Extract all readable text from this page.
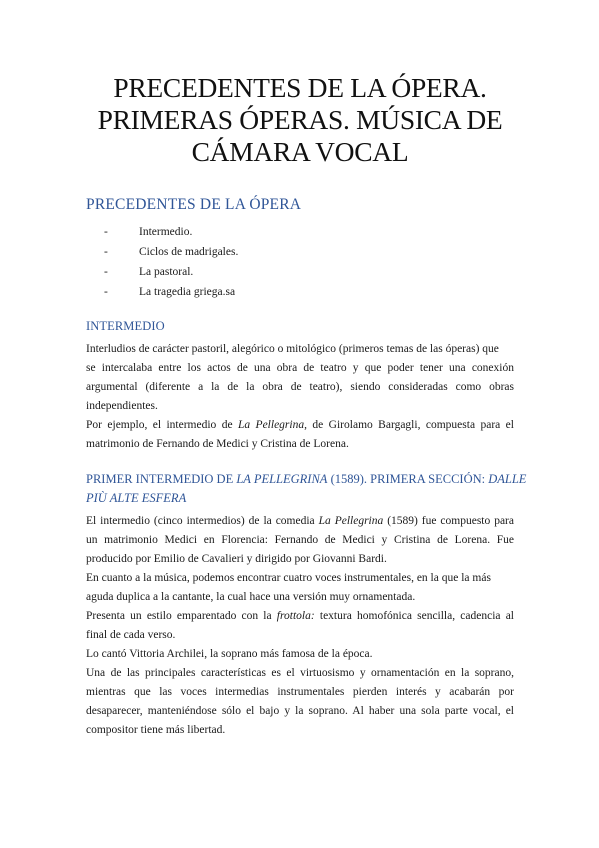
PRECEDENTES DE LA ÓPERA.
PRIMERAS ÓPERAS. MÚSICA DE
CÁMARA VOCAL
PRECEDENTES DE LA ÓPERA
-	Intermedio.
-	Ciclos de madrigales.
-	La pastoral.
-	La tragedia griega.sa
INTERMEDIO
Interludios de carácter pastoril, alegórico o mitológico (primeros temas de las óperas) que
se intercalaba entre los actos de una obra de teatro y que poder tener una conexión
argumental (diferente a la de la obra de teatro), siendo consideradas como obras
independientes.
Por ejemplo, el intermedio de La Pellegrina, de Girolamo Bargagli, compuesta para el
matrimonio de Fernando de Medici y Cristina de Lorena.
PRIMER INTERMEDIO DE LA PELLEGRINA (1589). PRIMERA SECCIÓN: DALLE
PIÙ ALTE ESFERA
El intermedio (cinco intermedios) de la comedia La Pellegrina (1589) fue compuesto para
un matrimonio Medici en Florencia: Fernando de Medici y Cristina de Lorena. Fue
producido por Emilio de Cavalieri y dirigido por Giovanni Bardi.
En cuanto a la música, podemos encontrar cuatro voces instrumentales, en la que la más
aguda duplica a la cantante, la cual hace una versión muy ornamentada.
Presenta un estilo emparentado con la frottola: textura homofónica sencilla, cadencia al
final de cada verso.
Lo cantó Vittoria Archilei, la soprano más famosa de la época.
Una de las principales características es el virtuosismo y ornamentación en la soprano,
mientras que las voces intermedias instrumentales pierden interés y acabarán por
desaparecer, manteniéndose sólo el bajo y la soprano. Al haber una sola parte vocal, el
compositor tiene más libertad.
